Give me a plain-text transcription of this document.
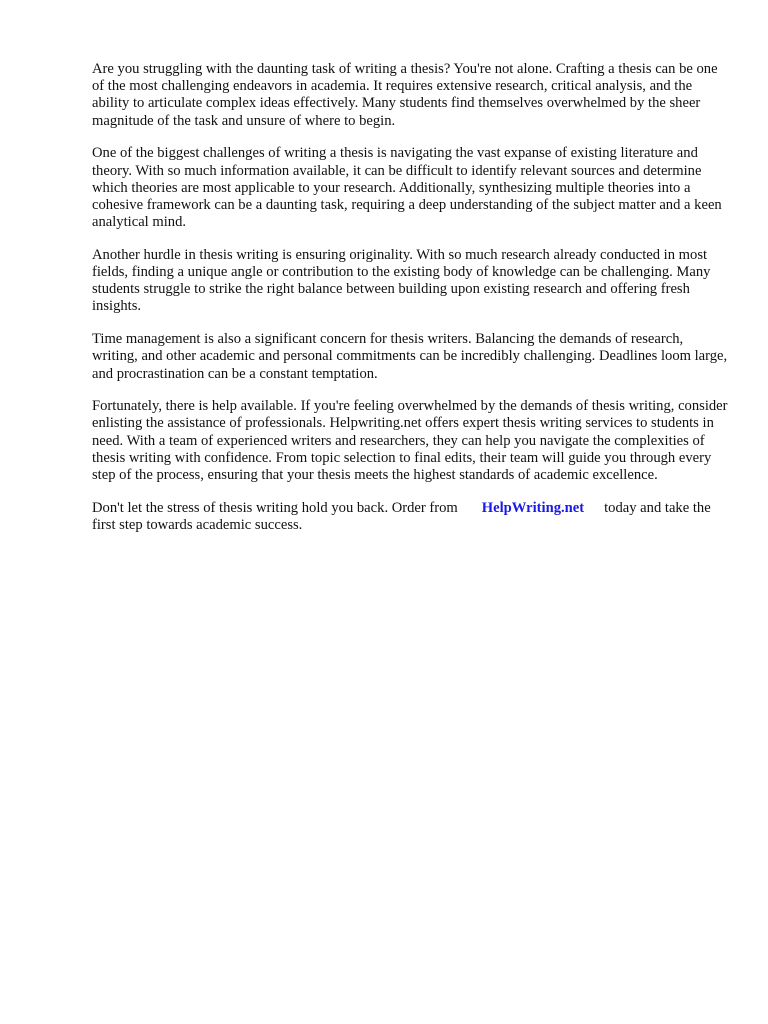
Are you struggling with the daunting task of writing a thesis? You're not alone. Crafting a thesis can be one of the most challenging endeavors in academia. It requires extensive research, critical analysis, and the ability to articulate complex ideas effectively. Many students find themselves overwhelmed by the sheer magnitude of the task and unsure of where to begin.

One of the biggest challenges of writing a thesis is navigating the vast expanse of existing literature and theory. With so much information available, it can be difficult to identify relevant sources and determine which theories are most applicable to your research. Additionally, synthesizing multiple theories into a cohesive framework can be a daunting task, requiring a deep understanding of the subject matter and a keen analytical mind.

Another hurdle in thesis writing is ensuring originality. With so much research already conducted in most fields, finding a unique angle or contribution to the existing body of knowledge can be challenging. Many students struggle to strike the right balance between building upon existing research and offering fresh insights.

Time management is also a significant concern for thesis writers. Balancing the demands of research, writing, and other academic and personal commitments can be incredibly challenging. Deadlines loom large, and procrastination can be a constant temptation.

Fortunately, there is help available. If you're feeling overwhelmed by the demands of thesis writing, consider enlisting the assistance of professionals. Helpwriting.net offers expert thesis writing services to students in need. With a team of experienced writers and researchers, they can help you navigate the complexities of thesis writing with confidence. From topic selection to final edits, their team will guide you through every step of the process, ensuring that your thesis meets the highest standards of academic excellence.

Don't let the stress of thesis writing hold you back. Order from HelpWriting.net today and take the first step towards academic success.
